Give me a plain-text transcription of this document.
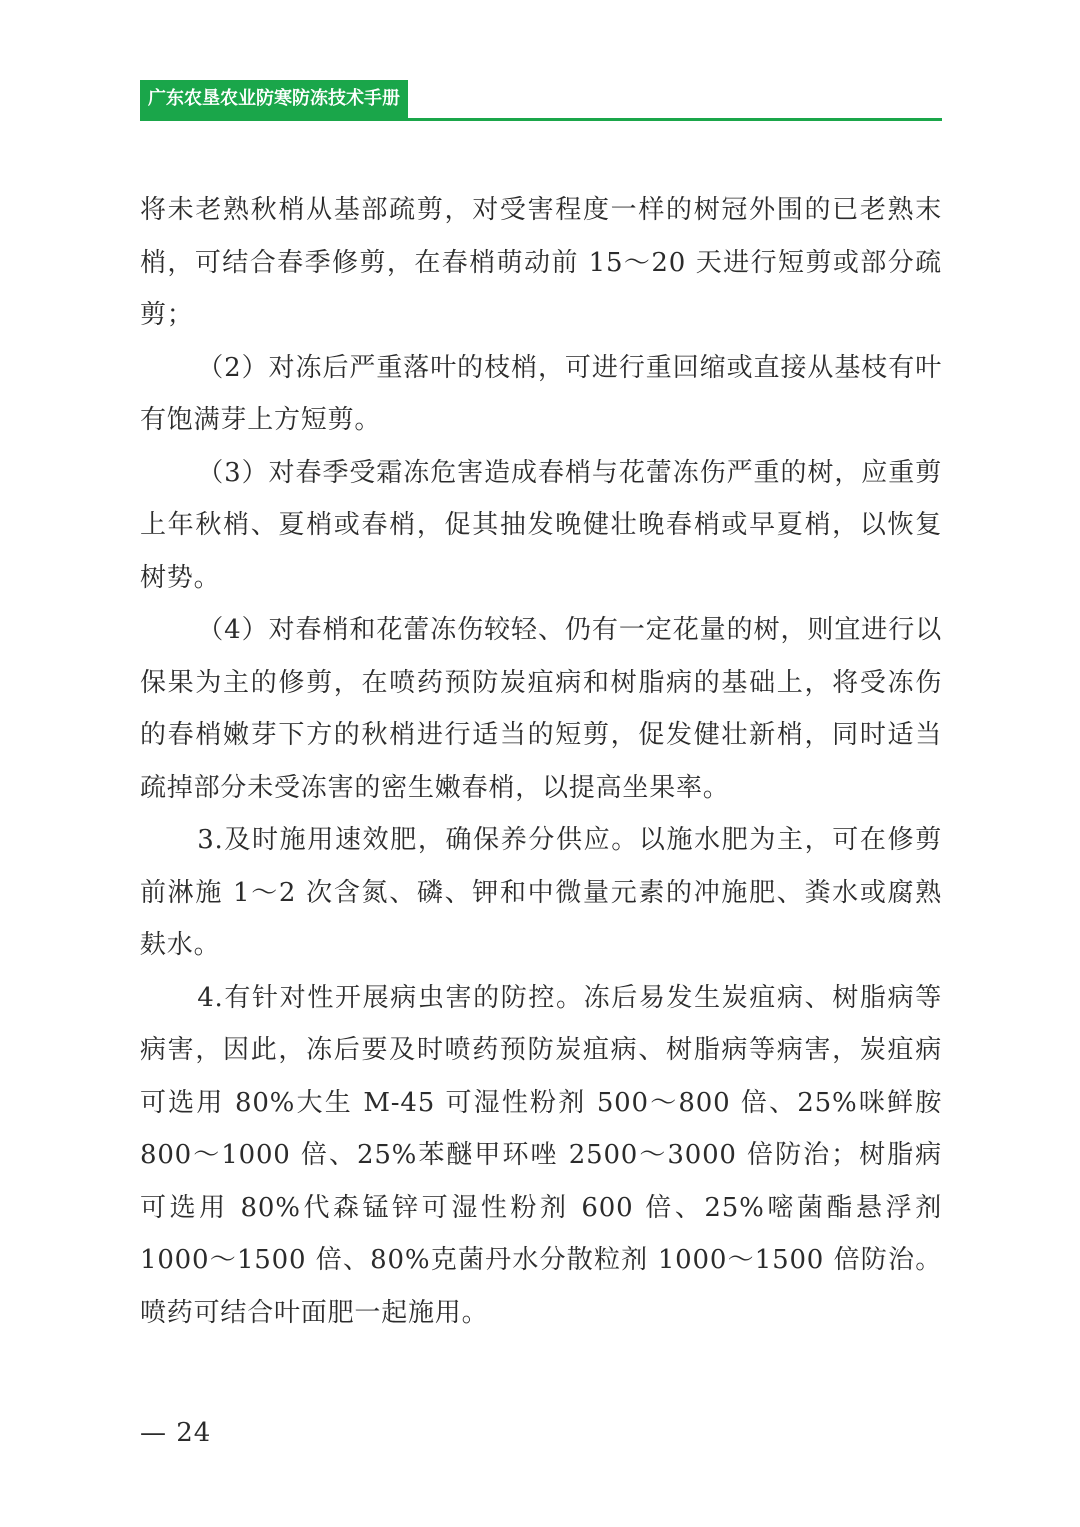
广东农垦农业防寒防冻技术手册

将未老熟秋梢从基部疏剪，对受害程度一样的树冠外围的已老熟末梢，可结合春季修剪，在春梢萌动前 15～20 天进行短剪或部分疏剪；

（2）对冻后严重落叶的枝梢，可进行重回缩或直接从基枝有叶有饱满芽上方短剪。

（3）对春季受霜冻危害造成春梢与花蕾冻伤严重的树，应重剪上年秋梢、夏梢或春梢，促其抽发晚健壮晚春梢或早夏梢，以恢复树势。

（4）对春梢和花蕾冻伤较轻、仍有一定花量的树，则宜进行以保果为主的修剪，在喷药预防炭疽病和树脂病的基础上，将受冻伤的春梢嫩芽下方的秋梢进行适当的短剪，促发健壮新梢，同时适当疏掉部分未受冻害的密生嫩春梢，以提高坐果率。

3.及时施用速效肥，确保养分供应。以施水肥为主，可在修剪前淋施 1～2 次含氮、磷、钾和中微量元素的冲施肥、粪水或腐熟麸水。

4.有针对性开展病虫害的防控。冻后易发生炭疽病、树脂病等病害，因此，冻后要及时喷药预防炭疽病、树脂病等病害，炭疽病可选用 80%大生 M-45 可湿性粉剂 500～800 倍、25%咪鲜胺 800～1000 倍、25%苯醚甲环唑 2500～3000 倍防治；树脂病可选用 80%代森锰锌可湿性粉剂 600 倍、25%嘧菌酯悬浮剂 1000～1500 倍、80%克菌丹水分散粒剂 1000～1500 倍防治。喷药可结合叶面肥一起施用。

— 24
